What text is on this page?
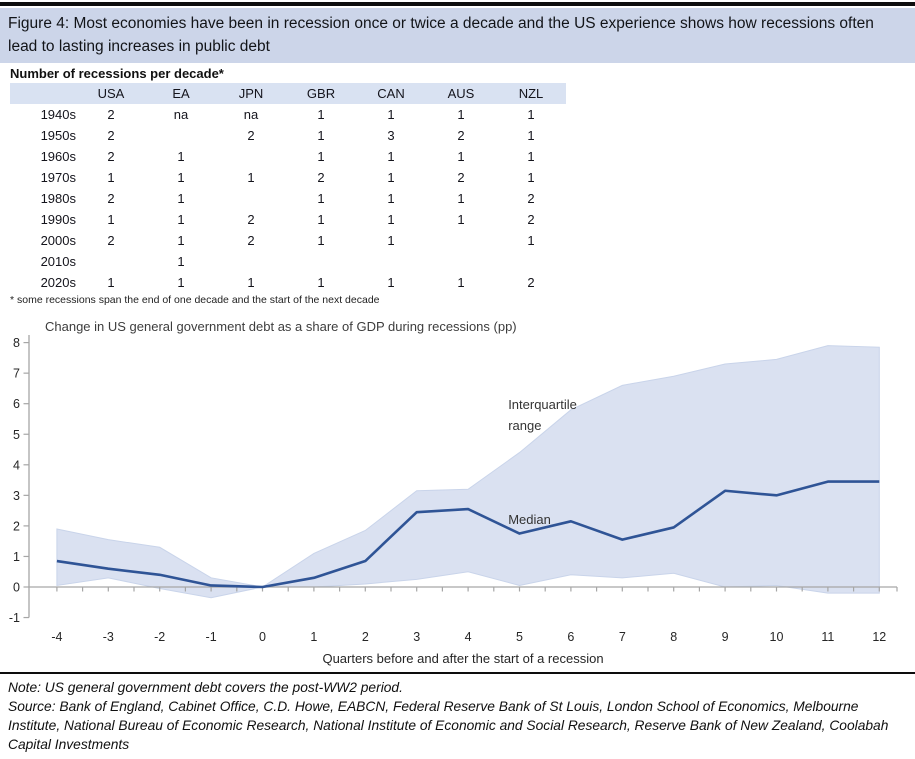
Figure 4: Most economies have been in recession once or twice a decade and the US experience shows how recessions often lead to lasting increases in public debt
Number of recessions per decade*
	USA	EA	JPN	GBR	CAN	AUS	NZL
1940s	2	na	na	1	1	1	1
1950s	2		2	1	3	2	1
1960s	2	1		1	1	1	1
1970s	1	1	1	2	1	2	1
1980s	2	1		1	1	1	2
1990s	1	1	2	1	1	1	2
2000s	2	1	2	1	1		1
2010s		1					
2020s	1	1	1	1	1	1	2
* some recessions span the end of one decade and the start of the next decade
Change in US general government debt as a share of GDP during recessions (pp)
Quarters before and after the start of a recession
-1
0
1
2
3
4
5
6
7
8
-4	-3	-2	-1	0	1	2	3	4	5	6	7	8	9	10	11	12
Interquartile
range
Median
Note: US general government debt covers the post-WW2 period.
Source: Bank of England, Cabinet Office, C.D. Howe, EABCN, Federal Reserve Bank of St Louis, London School of Economics, Melbourne Institute, National Bureau of Economic Research, National Institute of Economic and Social Research, Reserve Bank of New Zealand, Coolabah Capital Investments
